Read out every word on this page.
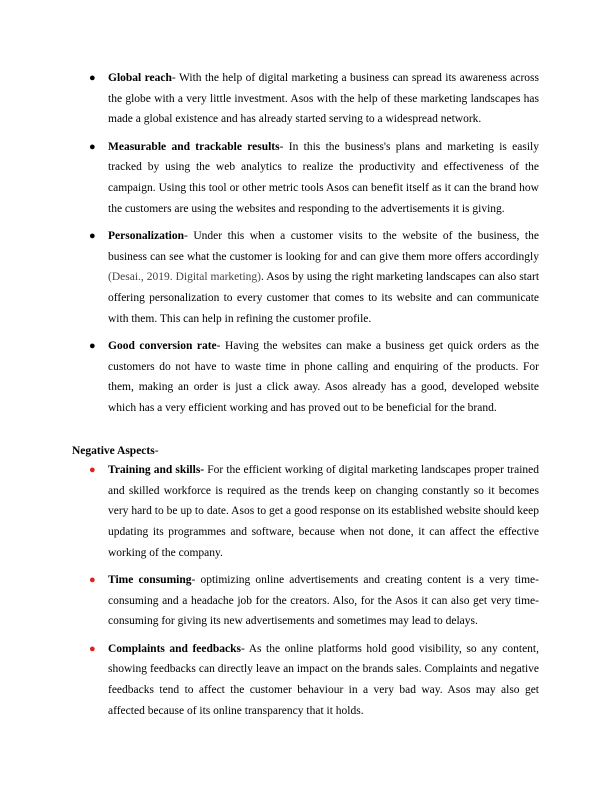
● Global reach- With the help of digital marketing a business can spread its awareness across the globe with a very little investment. Asos with the help of these marketing landscapes has made a global existence and has already started serving to a widespread network.
● Measurable and trackable results- In this the business's plans and marketing is easily tracked by using the web analytics to realize the productivity and effectiveness of the campaign. Using this tool or other metric tools Asos can benefit itself as it can the brand how the customers are using the websites and responding to the advertisements it is giving.
● Personalization- Under this when a customer visits to the website of the business, the business can see what the customer is looking for and can give them more offers accordingly (Desai., 2019. Digital marketing). Asos by using the right marketing landscapes can also start offering personalization to every customer that comes to its website and can communicate with them. This can help in refining the customer profile.
● Good conversion rate- Having the websites can make a business get quick orders as the customers do not have to waste time in phone calling and enquiring of the products. For them, making an order is just a click away. Asos already has a good, developed website which has a very efficient working and has proved out to be beneficial for the brand.

Negative Aspects-

● Training and skills- For the efficient working of digital marketing landscapes proper trained and skilled workforce is required as the trends keep on changing constantly so it becomes very hard to be up to date. Asos to get a good response on its established website should keep updating its programmes and software, because when not done, it can affect the effective working of the company.
● Time consuming- optimizing online advertisements and creating content is a very time-consuming and a headache job for the creators. Also, for the Asos it can also get very time-consuming for giving its new advertisements and sometimes may lead to delays.
● Complaints and feedbacks- As the online platforms hold good visibility, so any content, showing feedbacks can directly leave an impact on the brands sales. Complaints and negative feedbacks tend to affect the customer behaviour in a very bad way. Asos may also get affected because of its online transparency that it holds.
